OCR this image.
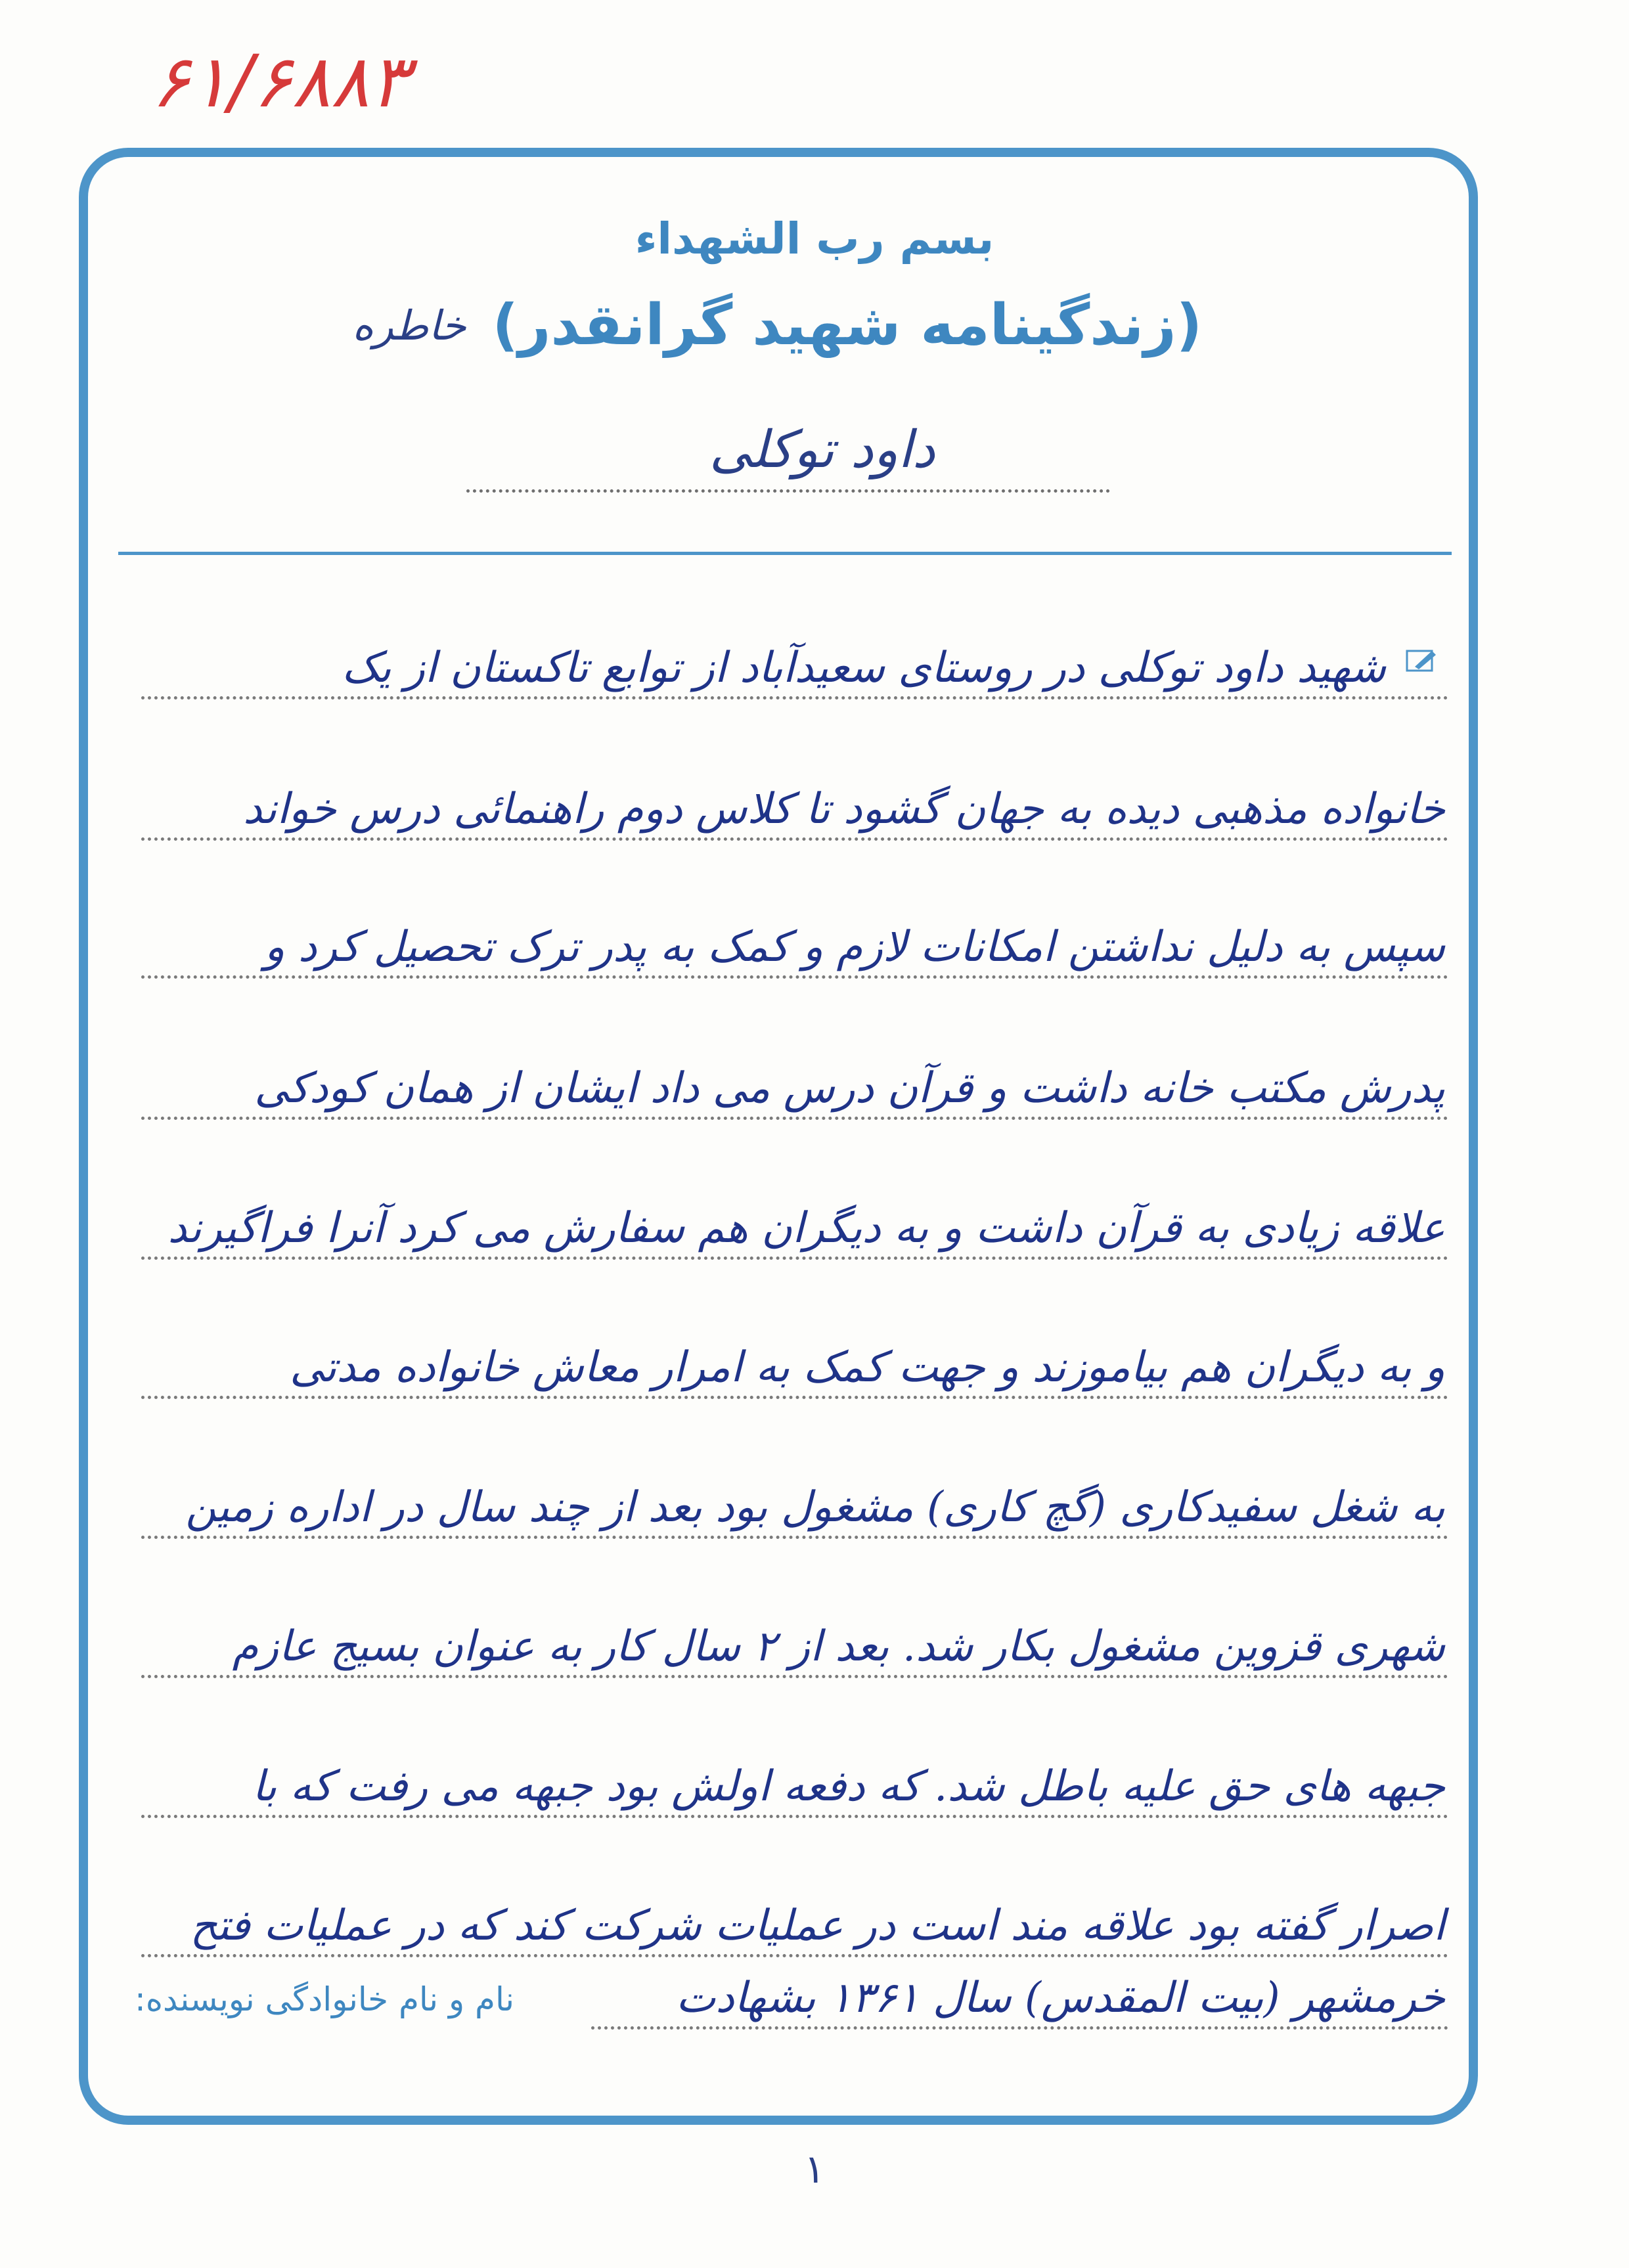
۶۱/۶۸۸۳
بسم رب الشهداء
(زندگینامه شهید گرانقدر)
خاطره
داود توکلی
شهید داود توکلی در روستای سعیدآباد از توابع تاکستان از یک
خانواده مذهبی دیده به جهان گشود تا کلاس دوم راهنمائی درس خواند
سپس به دلیل نداشتن امکانات لازم و کمک به پدر ترک تحصیل کرد و
پدرش مکتب خانه داشت و قرآن درس می داد ایشان از همان کودکی
علاقه زیادی به قرآن داشت و به دیگران هم سفارش می کرد آنرا فراگیرند
و به دیگران هم بیاموزند و جهت کمک به امرار معاش خانواده مدتی
به شغل سفیدکاری (گچ کاری) مشغول بود بعد از چند سال در اداره زمین
شهری قزوین مشغول بکار شد. بعد از ۲ سال کار به عنوان بسیج عازم
جبهه های حق علیه باطل شد. که دفعه اولش بود جبهه می رفت که با
اصرار گفته بود علاقه مند است در عملیات شرکت کند که در عملیات فتح
خرمشهر (بیت المقدس) سال ۱۳۶۱ بشهادت
نام و نام خانوادگی نویسنده:
۱
